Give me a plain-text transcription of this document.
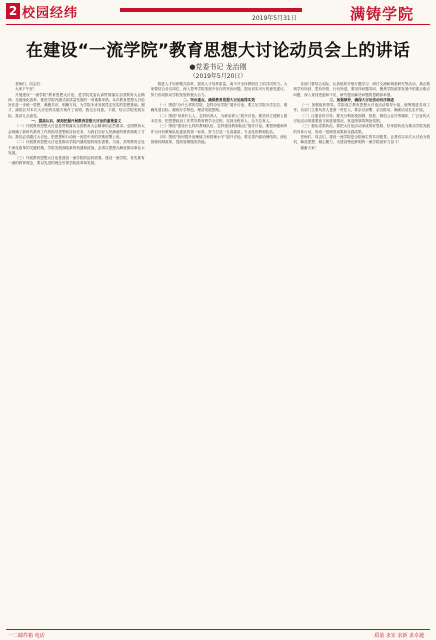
2 校园经纬	2019年5月31日	满铸学院
在建设“一流学院”教育思想大讨论动员会上的讲话
●党委书记 龙治刚
（2019年5月20日）

老师们、同志们：

大家下午好！

开展建设“一流学院”教育思想大讨论，是学院党委认真贯彻落实全国教育大会精神、全面深化改革、推进学院内涵式高质量发展的一项重要举措。本次教育思想大讨论旨在进一步统一思想，凝聚共识，明确方向，为学院未来发展奠定坚实的思想基础。刚才，副院长对本次大讨论的实施方案作了说明，我完全同意。下面，结合学院发展实际，我讲几点意见。

一、提高认识，深刻把握开展教育思想大讨论的重要意义

（一）开展教育思想大讨论是贯彻落实全国教育大会精神的必然要求。全国教育大会明确了新时代教育工作的指导思想和目标任务，为我们办好人民满意的教育指明了方向。我们必须通过大讨论，把思想和行动统一到党中央的决策部署上来。

（二）开展教育思想大讨论是推动学院内涵发展的现实需要。当前，高等教育正处于深化改革的关键时期，学院发展面临新的机遇和挑战，必须以思想大解放推动事业大发展。

（三）开展教育思想大讨论是建设一流学院的迫切需要。建设一流学院，首先要有一流的教育理念，要以先进的理念引领学院改革和发展。

推进人才培养模式改革，提高人才培养质量，离不开全体教职员工的共同努力。大家要结合各自岗位，深入思考学院发展中存在的突出问题，提出切实可行的意见建议，努力形成推动学院发展的强大合力。

二、突出重点，确保教育思想大讨论取得实效

（一）围绕“办什么样的学院、怎样办好学院”展开讨论。要立足学院办学定位，明确发展目标，凝练办学特色，理清发展思路。

（二）围绕“培养什么人、怎样培养人、为谁培养人”展开讨论。要坚持立德树人根本任务，把思想政治工作贯穿教育教学全过程，实现全程育人、全方位育人。

（三）围绕“建设什么样的教师队伍、怎样建设教师队伍”展开讨论。要把师德师风作为评价教师队伍素质的第一标准，努力打造一支高素质、专业化的教师队伍。

（四）围绕“如何提升治理能力和管理水平”展开讨论。要完善内部治理结构，深化管理体制改革，提高管理服务效能。

各部门要结合实际，认真组织开展专题学习、研讨交流和调查研究等活动，真正做到学有所获、思有所悟、行有所进。要坚持问题导向，聚焦学院改革发展中的重点难点问题，深入查找差距和不足，研究提出解决问题的思路和举措。

三、加强领导，确保大讨论活动有序推进

（一）加强组织领导。学院成立教育思想大讨论活动领导小组，统筹推进各项工作。各部门主要负责人是第一责任人，要亲自部署、亲自推动，确保活动扎实开展。

（二）注重宣传引导。要充分利用校园网、校报、微信公众号等媒体，广泛宣传大讨论活动的重要意义和进展情况，营造浓厚的舆论氛围。

（三）强化成果转化。要把大讨论活动形成的好思路、好举措转化为推动学院发展的具体行动，形成一批制度成果和实践成果。

老师们、同志们，建设一流学院是全院师生的共同愿景。让我们以本次大讨论为契机，解放思想，凝心聚力，为建设特色鲜明的一流学院而努力奋斗！

谢谢大家！

一二邮件箱 电话	质量 求实 求新 求卓越
